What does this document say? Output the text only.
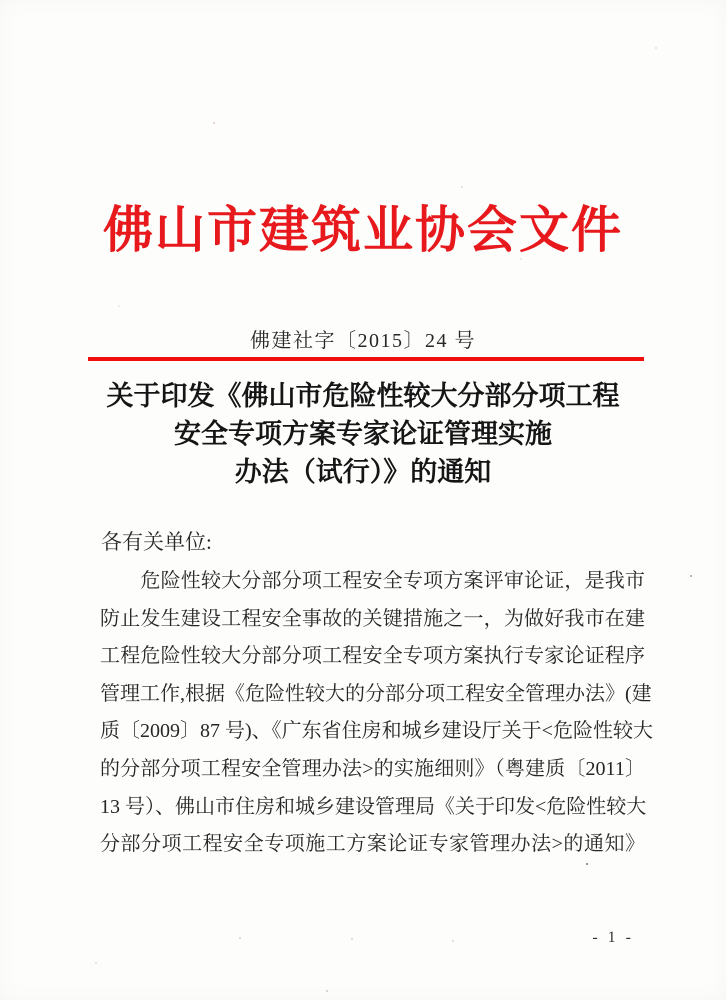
佛山市建筑业协会文件
佛建社字〔2015〕24 号
关于印发《佛山市危险性较大分部分项工程
安全专项方案专家论证管理实施
办法（试行）》的通知
各有关单位:
　　危险性较大分部分项工程安全专项方案评审论证，是我市
防止发生建设工程安全事故的关键措施之一，为做好我市在建
工程危险性较大分部分项工程安全专项方案执行专家论证程序
管理工作,根据《危险性较大的分部分项工程安全管理办法》(建
质〔2009〕87 号)、《广东省住房和城乡建设厅关于<危险性较大
的分部分项工程安全管理办法>的实施细则》（粤建质〔2011〕
13 号）、佛山市住房和城乡建设管理局《关于印发<危险性较大
分部分项工程安全专项施工方案论证专家管理办法>的通知》
- 1 -
